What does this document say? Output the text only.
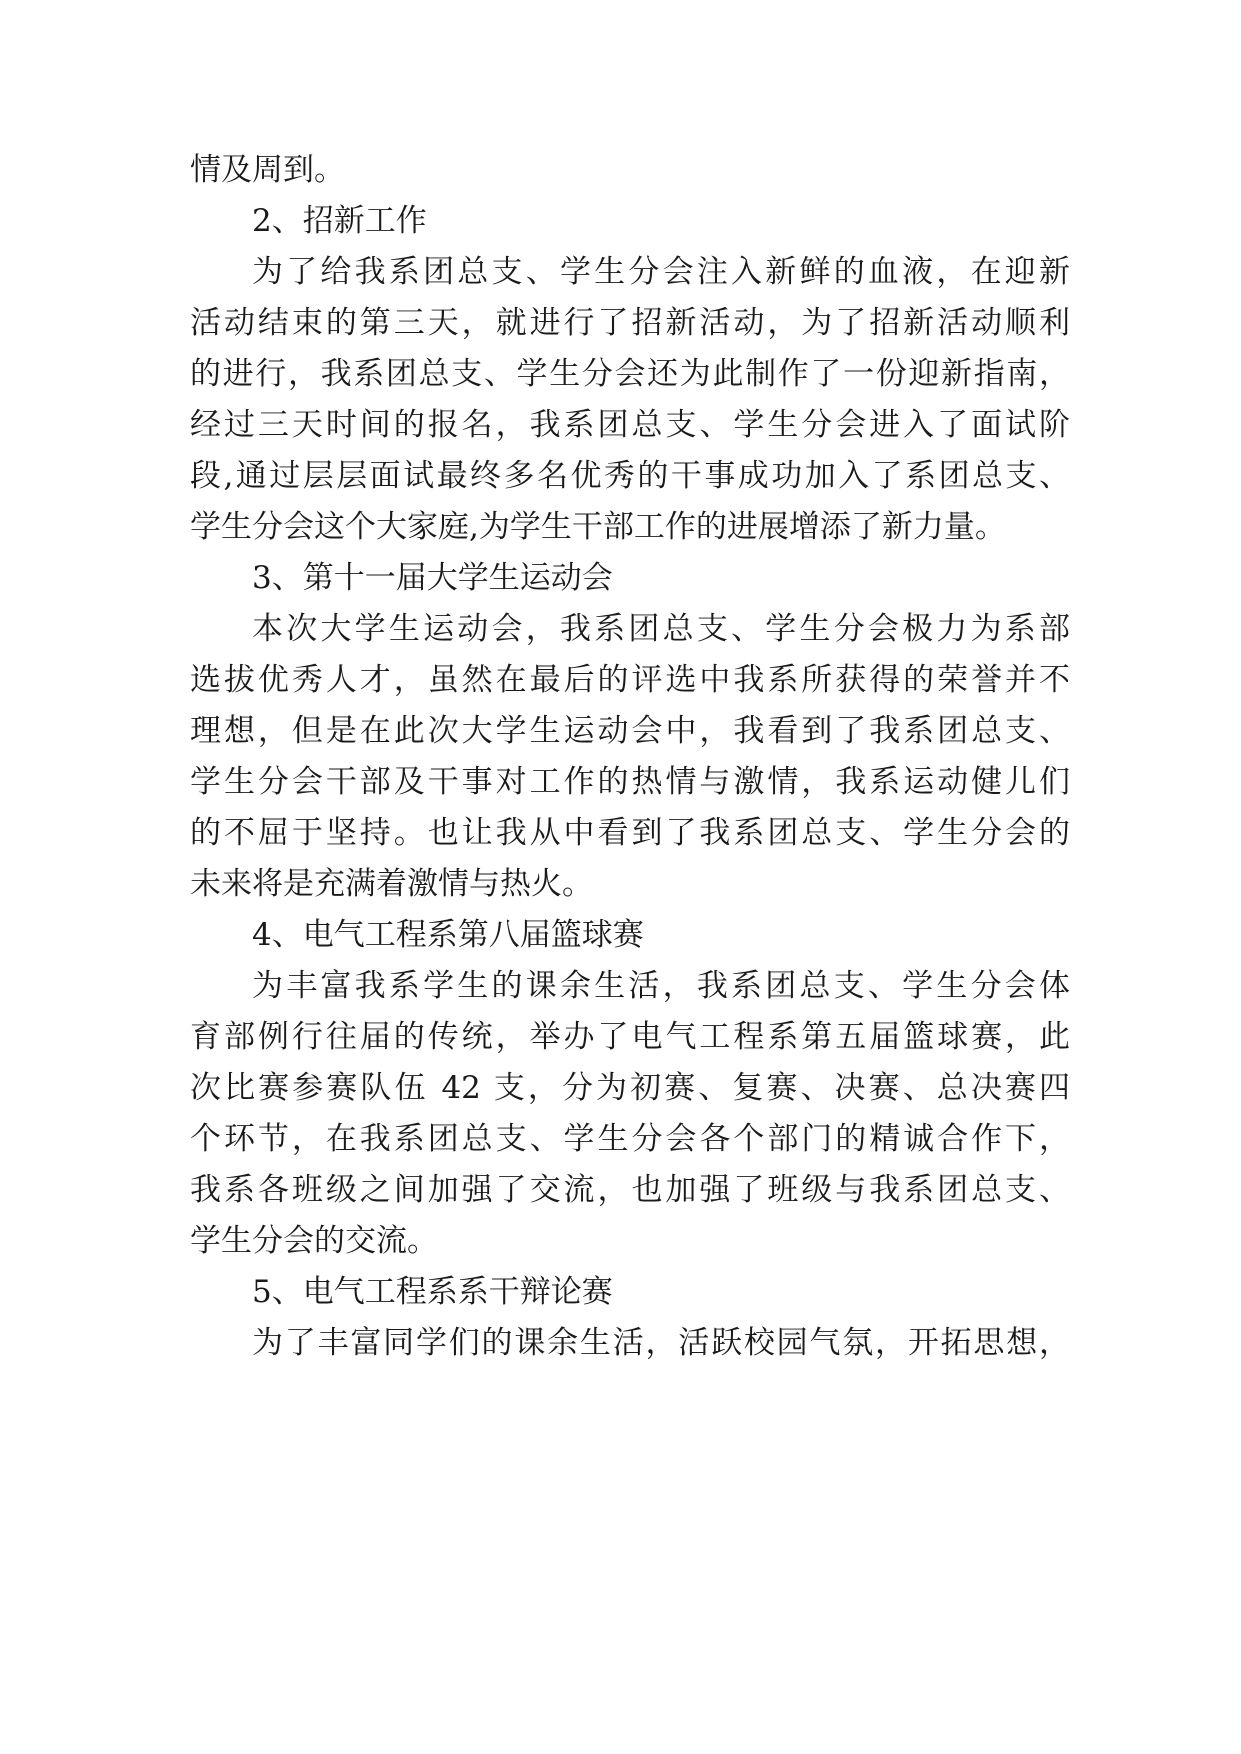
情及周到。

2、招新工作

为了给我系团总支、学生分会注入新鲜的血液，在迎新

活动结束的第三天，就进行了招新活动，为了招新活动顺利

的进行，我系团总支、学生分会还为此制作了一份迎新指南，

经过三天时间的报名，我系团总支、学生分会进入了面试阶

段,通过层层面试最终多名优秀的干事成功加入了系团总支、

学生分会这个大家庭,为学生干部工作的进展增添了新力量。

3、第十一届大学生运动会

本次大学生运动会，我系团总支、学生分会极力为系部

选拔优秀人才，虽然在最后的评选中我系所获得的荣誉并不

理想，但是在此次大学生运动会中，我看到了我系团总支、

学生分会干部及干事对工作的热情与激情，我系运动健儿们

的不屈于坚持。也让我从中看到了我系团总支、学生分会的

未来将是充满着激情与热火。

4、电气工程系第八届篮球赛

为丰富我系学生的课余生活，我系团总支、学生分会体

育部例行往届的传统，举办了电气工程系第五届篮球赛，此

次比赛参赛队伍 42 支，分为初赛、复赛、决赛、总决赛四

个环节，在我系团总支、学生分会各个部门的精诚合作下，

我系各班级之间加强了交流，也加强了班级与我系团总支、

学生分会的交流。

5、电气工程系系干辩论赛

为了丰富同学们的课余生活，活跃校园气氛，开拓思想，
